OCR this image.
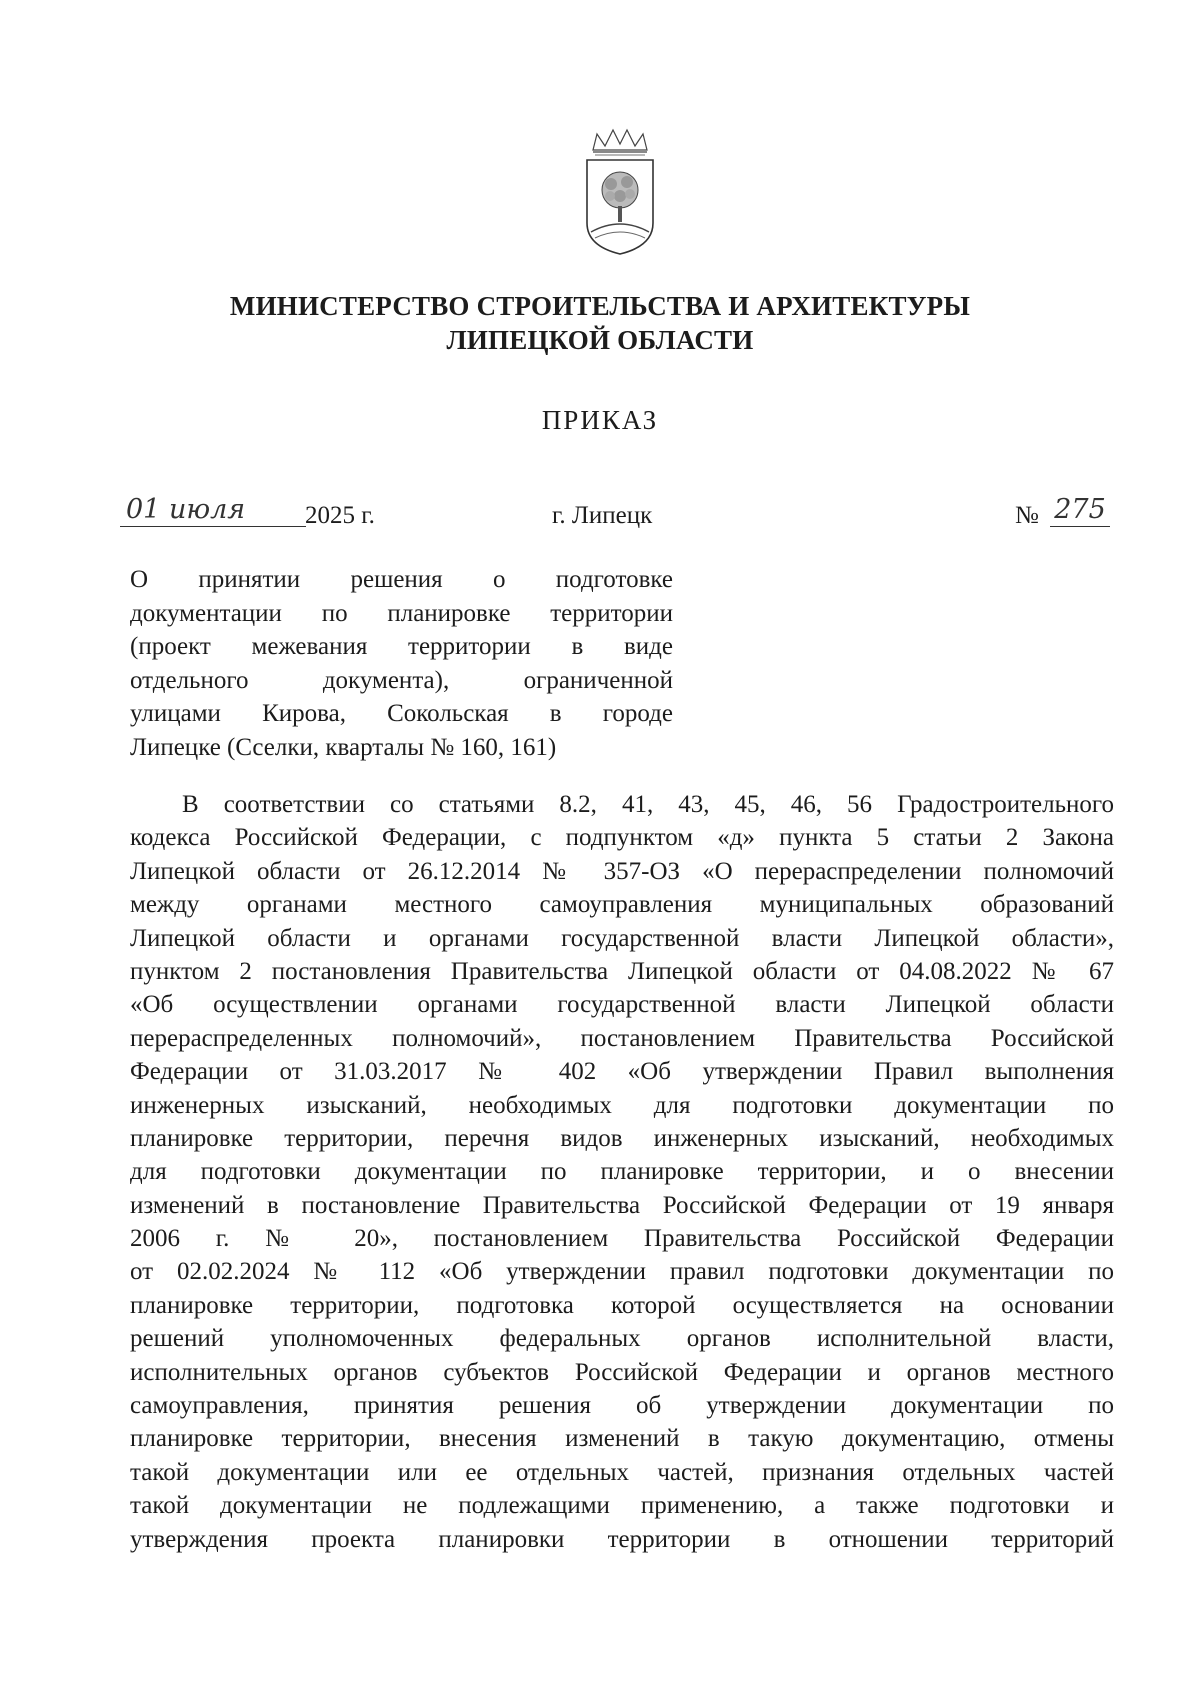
МИНИСТЕРСТВО СТРОИТЕЛЬСТВА И АРХИТЕКТУРЫ
ЛИПЕЦКОЙ ОБЛАСТИ
ПРИКАЗ
01 июля	2025 г.	г. Липецк	№ 275
О принятии решения о подготовке
документации по планировке территории
(проект межевания территории в виде
отдельного документа), ограниченной
улицами Кирова, Сокольская в городе
Липецке (Сселки, кварталы № 160, 161)
В соответствии со статьями 8.2, 41, 43, 45, 46, 56 Градостроительного
кодекса Российской Федерации, с подпунктом «д» пункта 5 статьи 2 Закона
Липецкой области от 26.12.2014 № 357-ОЗ «О перераспределении полномочий
между органами местного самоуправления муниципальных образований
Липецкой области и органами государственной власти Липецкой области»,
пунктом 2 постановления Правительства Липецкой области от 04.08.2022 № 67
«Об осуществлении органами государственной власти Липецкой области
перераспределенных полномочий», постановлением Правительства Российской
Федерации от 31.03.2017 № 402 «Об утверждении Правил выполнения
инженерных изысканий, необходимых для подготовки документации по
планировке территории, перечня видов инженерных изысканий, необходимых
для подготовки документации по планировке территории, и о внесении
изменений в постановление Правительства Российской Федерации от 19 января
2006 г. № 20», постановлением Правительства Российской Федерации
от 02.02.2024 № 112 «Об утверждении правил подготовки документации по
планировке территории, подготовка которой осуществляется на основании
решений уполномоченных федеральных органов исполнительной власти,
исполнительных органов субъектов Российской Федерации и органов местного
самоуправления, принятия решения об утверждении документации по
планировке территории, внесения изменений в такую документацию, отмены
такой документации или ее отдельных частей, признания отдельных частей
такой документации не подлежащими применению, а также подготовки и
утверждения проекта планировки территории в отношении территорий
